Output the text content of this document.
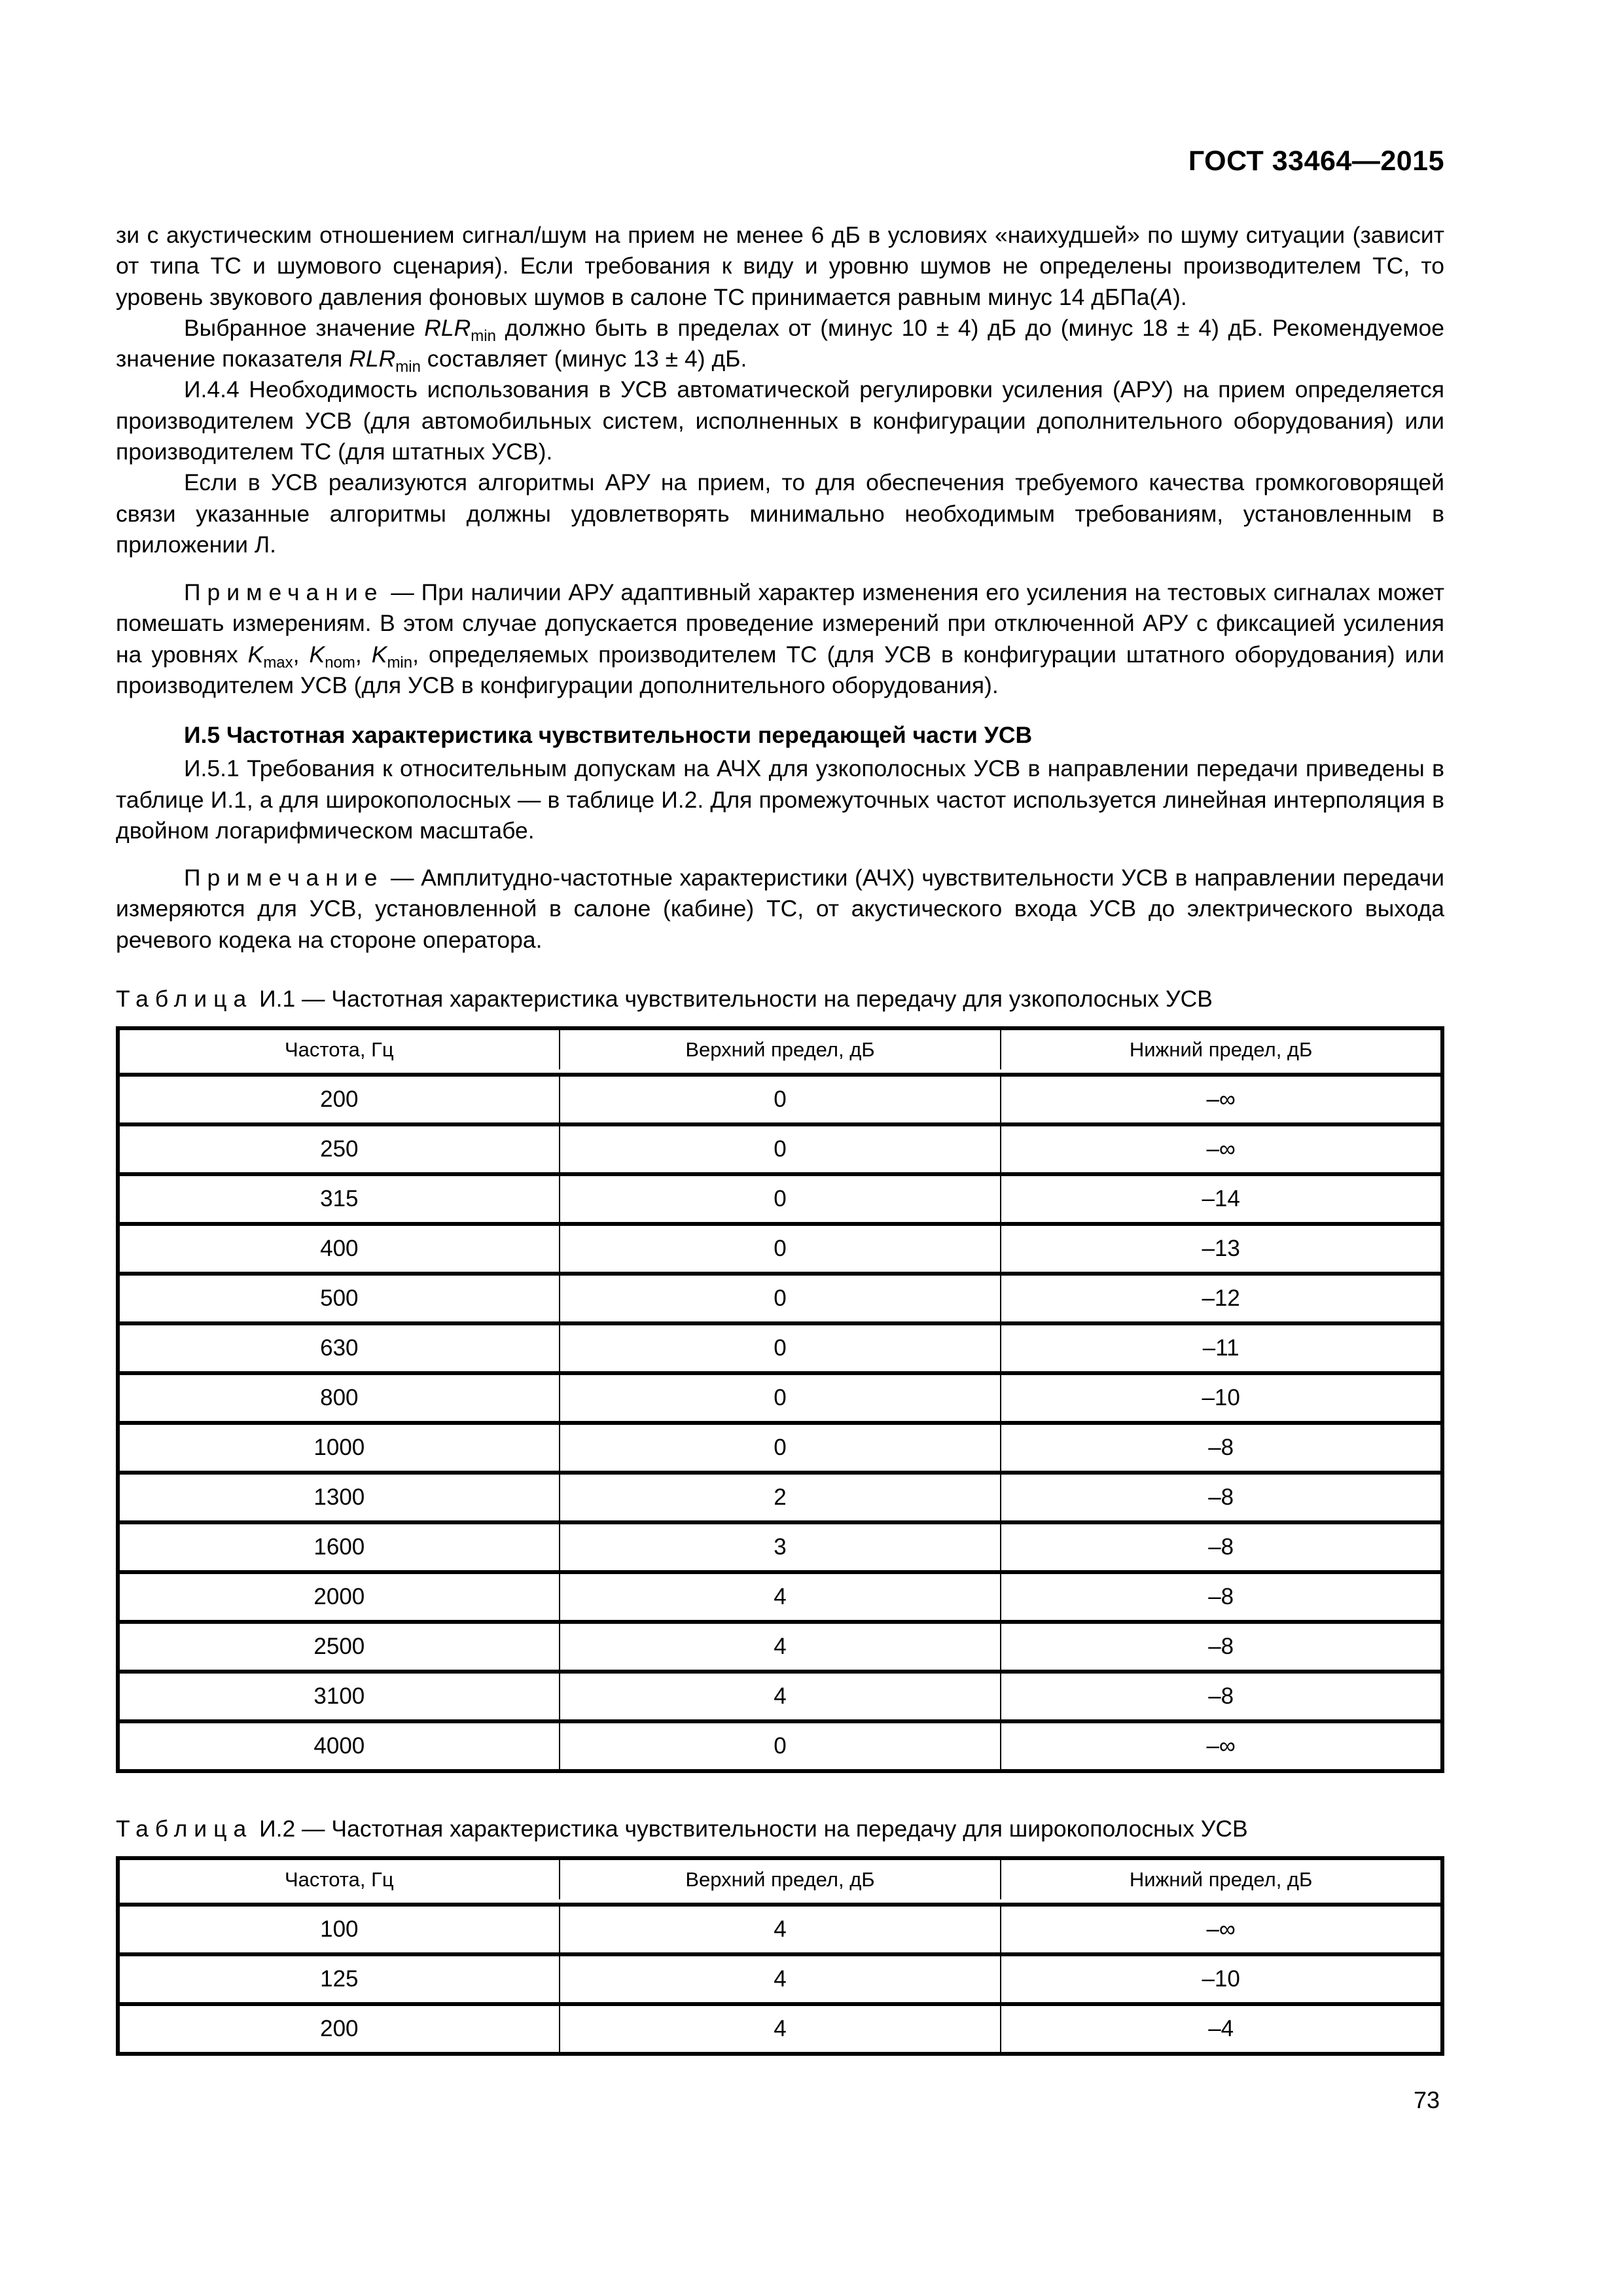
ГОСТ 33464—2015

зи с акустическим отношением сигнал/шум на прием не менее 6 дБ в условиях «наихудшей» по шуму ситуации (зависит от типа ТС и шумового сценария). Если требования к виду и уровню шумов не определены производителем ТС, то уровень звукового давления фоновых шумов в салоне ТС принимается равным минус 14 дБПа(A).

Выбранное значение $RLR_{min}$ должно быть в пределах от (минус 10 ± 4) дБ до (минус 18 ± 4) дБ. Рекомендуемое значение показателя $RLR_{min}$ составляет (минус 13 ± 4) дБ.

И.4.4 Необходимость использования в УСВ автоматической регулировки усиления (АРУ) на прием определяется производителем УСВ (для автомобильных систем, исполненных в конфигурации дополнительного оборудования) или производителем ТС (для штатных УСВ).

Если в УСВ реализуются алгоритмы АРУ на прием, то для обеспечения требуемого качества громкоговорящей связи указанные алгоритмы должны удовлетворять минимально необходимым требованиям, установленным в приложении Л.

Примечание — При наличии АРУ адаптивный характер изменения его усиления на тестовых сигналах может помешать измерениям. В этом случае допускается проведение измерений при отключенной АРУ с фиксацией усиления на уровнях $K_{max}$, $K_{nom}$, $K_{min}$, определяемых производителем ТС (для УСВ в конфигурации штатного оборудования) или производителем УСВ (для УСВ в конфигурации дополнительного оборудования).

И.5 Частотная характеристика чувствительности передающей части УСВ

И.5.1 Требования к относительным допускам на АЧХ для узкополосных УСВ в направлении передачи приведены в таблице И.1, а для широкополосных — в таблице И.2. Для промежуточных частот используется линейная интерполяция в двойном логарифмическом масштабе.

Примечание — Амплитудно-частотные характеристики (АЧХ) чувствительности УСВ в направлении передачи измеряются для УСВ, установленной в салоне (кабине) ТС, от акустического входа УСВ до электрического выхода речевого кодека на стороне оператора.

Таблица И.1 — Частотная характеристика чувствительности на передачу для узкополосных УСВ
Частота, Гц	Верхний предел, дБ	Нижний предел, дБ

200	0	–∞
250	0	–∞
315	0	–14
400	0	–13
500	0	–12
630	0	–11
800	0	–10
1000	0	–8
1300	2	–8
1600	3	–8
2000	4	–8
2500	4	–8
3100	4	–8
4000	0	–∞
Таблица И.2 — Частотная характеристика чувствительности на передачу для широкополосных УСВ
Частота, Гц	Верхний предел, дБ	Нижний предел, дБ

100	4	–∞
125	4	–10
200	4	–4
73
